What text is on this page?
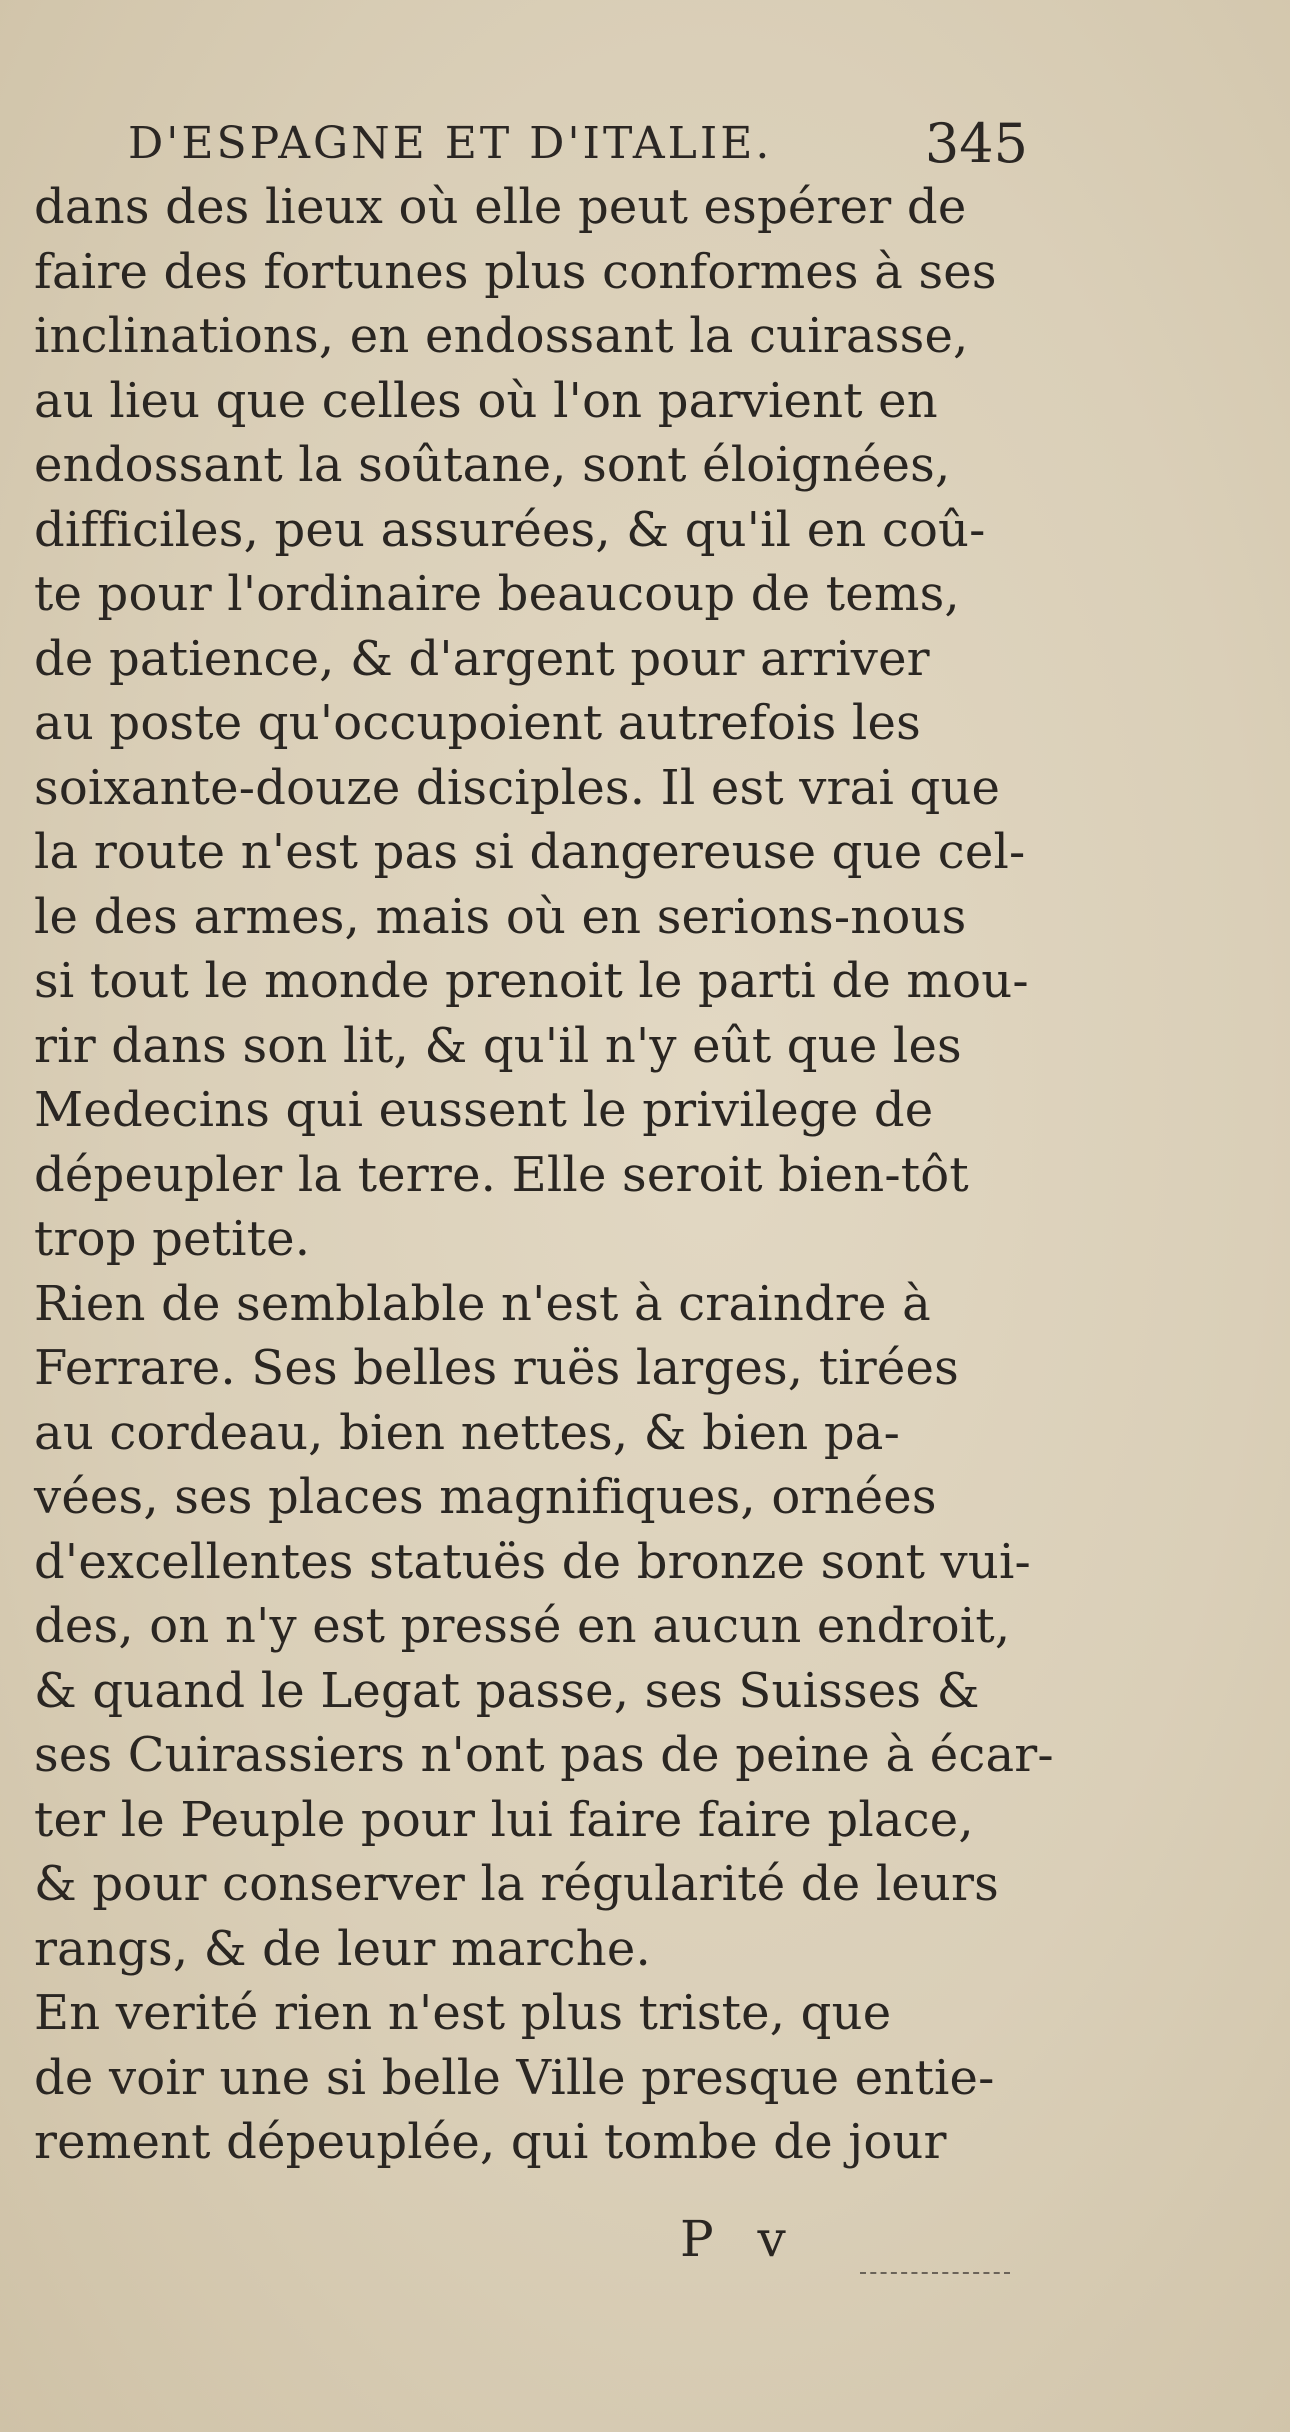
D'ESPAGNE ET D'ITALIE.	345
dans des lieux où elle peut espérer de
faire des fortunes plus conformes à ses
inclinations, en endossant la cuirasse,
au lieu que celles où l'on parvient en
endossant la soûtane, sont éloignées,
difficiles, peu assurées, & qu'il en coû-
te pour l'ordinaire beaucoup de tems,
de patience, & d'argent pour arriver
au poste qu'occupoient autrefois les
soixante-douze disciples. Il est vrai que
la route n'est pas si dangereuse que cel-
le des armes, mais où en serions-nous
si tout le monde prenoit le parti de mou-
rir dans son lit, & qu'il n'y eût que les
Medecins qui eussent le privilege de
dépeupler la terre. Elle seroit bien-tôt
trop petite.
Rien de semblable n'est à craindre à
Ferrare. Ses belles ruës larges, tirées
au cordeau, bien nettes, & bien pa-
vées, ses places magnifiques, ornées
d'excellentes statuës de bronze sont vui-
des, on n'y est pressé en aucun endroit,
& quand le Legat passe, ses Suisses &
ses Cuirassiers n'ont pas de peine à écar-
ter le Peuple pour lui faire faire place,
& pour conserver la régularité de leurs
rangs, & de leur marche.
En verité rien n'est plus triste, que
de voir une si belle Ville presque entie-
rement dépeuplée, qui tombe de jour
P v
